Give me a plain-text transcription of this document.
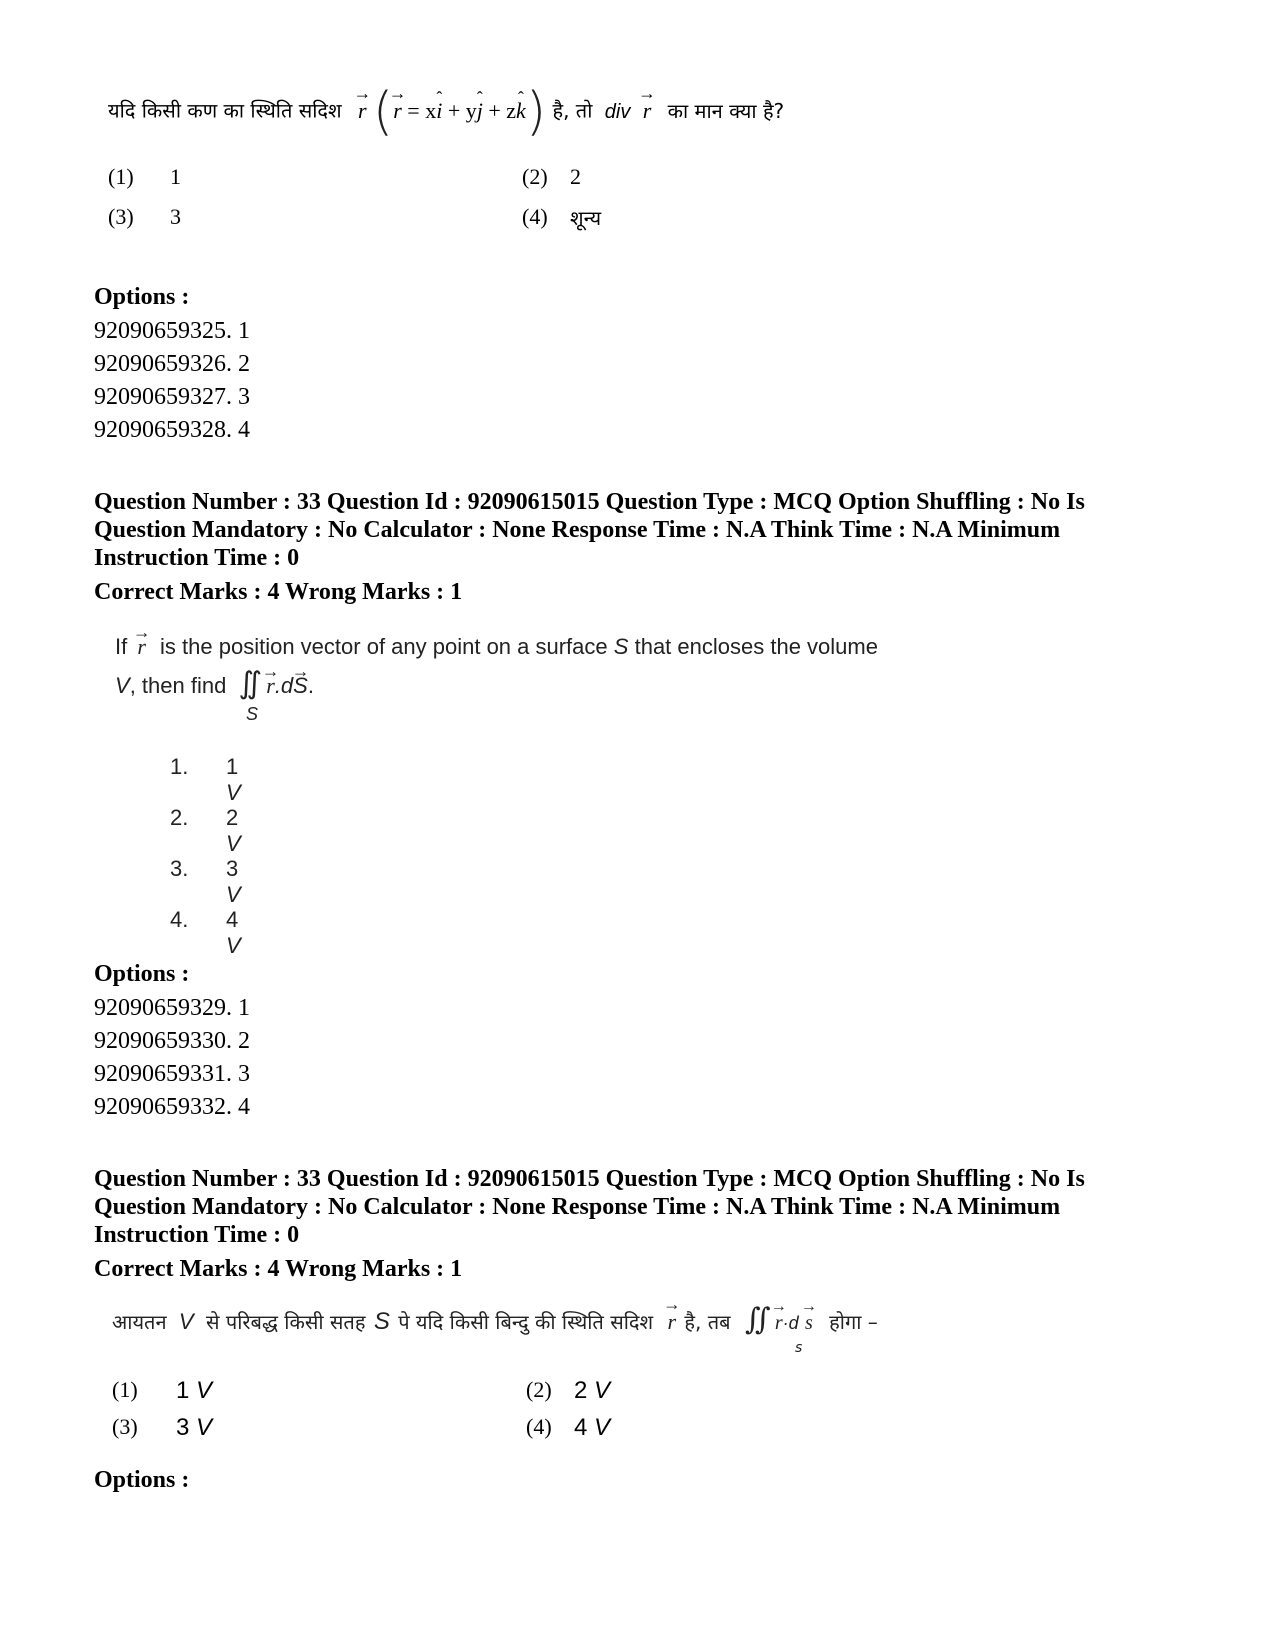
यदि किसी कण का स्थिति सदिश → r (→ r = xˆ i + yˆ j + zˆ k) है, तो div → r का मान क्या है?
(1) 1	(2) 2
(3) 3	(4) शून्य
Options :
92090659325. 1
92090659326. 2
92090659327. 3
92090659328. 4
Question Number : 33 Question Id : 92090615015 Question Type : MCQ Option Shuffling : No Is
Question Mandatory : No Calculator : None Response Time : N.A Think Time : N.A Minimum
Instruction Time : 0
Correct Marks : 4 Wrong Marks : 1
If → r is the position vector of any point on a surface S that encloses the volume
V, then find ∬ → r.d→ S.
S
1. 1 V
2. 2 V
3. 3 V
4. 4 V
Options :
92090659329. 1
92090659330. 2
92090659331. 3
92090659332. 4
Question Number : 33 Question Id : 92090615015 Question Type : MCQ Option Shuffling : No Is
Question Mandatory : No Calculator : None Response Time : N.A Think Time : N.A Minimum
Instruction Time : 0
Correct Marks : 4 Wrong Marks : 1
आयतन V से परिबद्ध किसी सतह S पे यदि किसी बिन्दु की स्थिति सदिश → r है, तब ∬ → r·d → s होगा –
s
(1) 1 V	(2) 2 V
(3) 3 V	(4) 4 V
Options :
